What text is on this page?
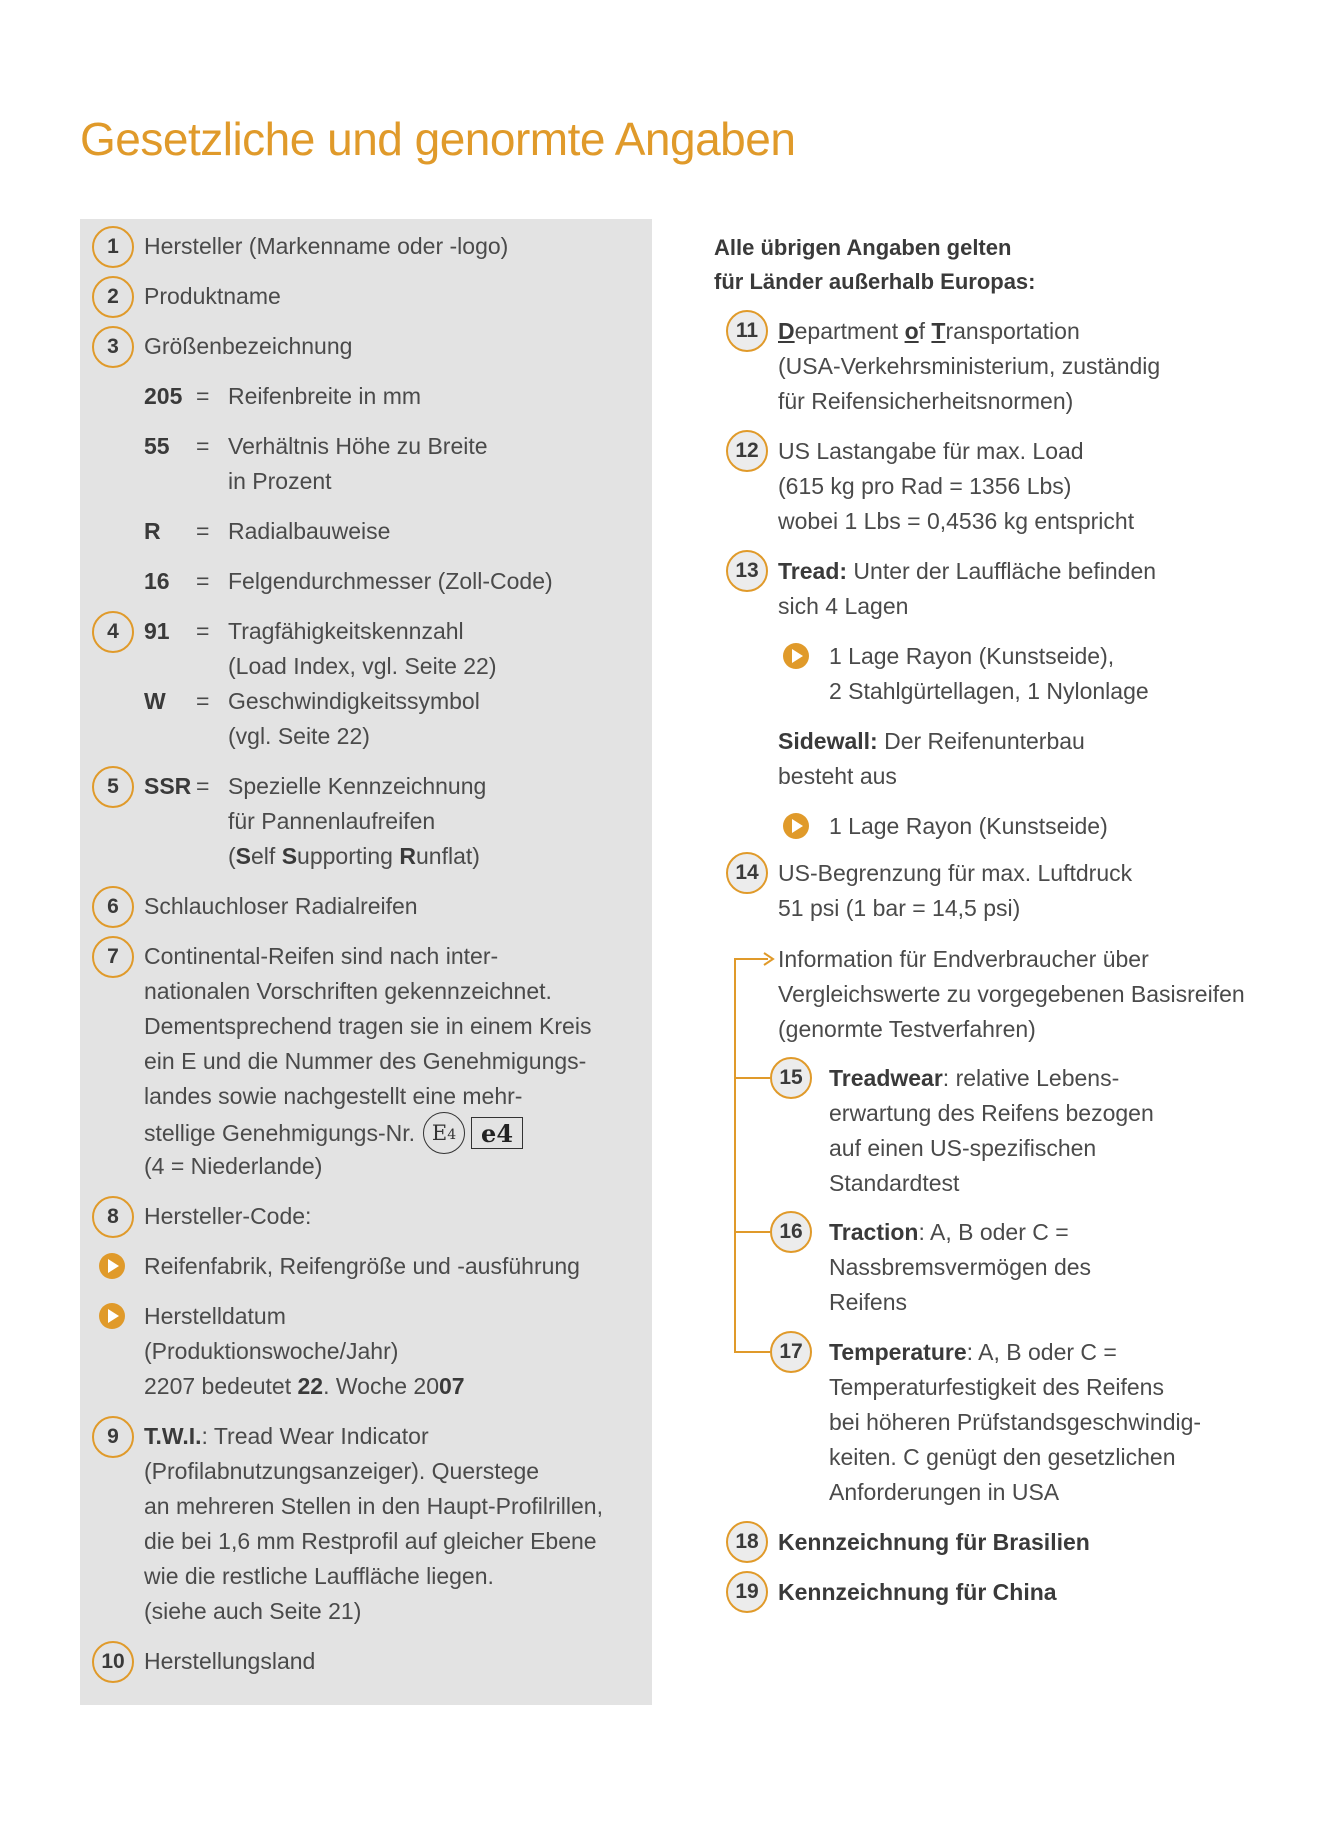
Gesetzliche und genormte Angaben
1	Hersteller (Markenname oder -logo)
2	Produktname
3	Größenbezeichnung
205 = Reifenbreite in mm
55 = Verhältnis Höhe zu Breite
in Prozent
R = Radialbauweise
16 = Felgendurchmesser (Zoll-Code)
4	91 = Tragfähigkeitskennzahl
(Load Index, vgl. Seite 22)
W = Geschwindigkeitssymbol
(vgl. Seite 22)
5	SSR = Spezielle Kennzeichnung
für Pannenlaufreifen
(Self Supporting Runflat)
6	Schlauchloser Radialreifen
7	Continental-Reifen sind nach inter-
nationalen Vorschriften gekennzeichnet.
Dementsprechend tragen sie in einem Kreis
ein E und die Nummer des Genehmigungs-
landes sowie nachgestellt eine mehr-
stellige Genehmigungs-Nr. $E_4$ e4
(4 = Niederlande)
8	Hersteller-Code:
Reifenfabrik, Reifengröße und -ausführung
Herstelldatum
(Produktionswoche/Jahr)
2207 bedeutet 22. Woche 2007
9	T.W.I.: Tread Wear Indicator
(Profilabnutzungsanzeiger). Querstege
an mehreren Stellen in den Haupt-Profilrillen,
die bei 1,6 mm Restprofil auf gleicher Ebene
wie die restliche Lauffläche liegen.
(siehe auch Seite 21)
10 Herstellungsland
Alle übrigen Angaben gelten
für Länder außerhalb Europas:
11 Department of Transportation
(USA-Verkehrsministerium, zuständig
für Reifensicherheitsnormen)
12 US Lastangabe für max. Load
(615 kg pro Rad = 1356 Lbs)
wobei 1 Lbs = 0,4536 kg entspricht
13 Tread: Unter der Lauffläche befinden
sich 4 Lagen
1 Lage Rayon (Kunstseide),
2 Stahlgürtellagen, 1 Nylonlage
Sidewall: Der Reifenunterbau
besteht aus
1 Lage Rayon (Kunstseide)
14 US-Begrenzung für max. Luftdruck
51 psi (1 bar = 14,5 psi)
Information für Endverbraucher über
Vergleichswerte zu vorgegebenen Basisreifen
(genormte Testverfahren)
15	Treadwear: relative Lebens-
erwartung des Reifens bezogen
auf einen US-spezifischen
Standardtest
16	Traction: A, B oder C =
Nassbremsvermögen des
Reifens
17	Temperature: A, B oder C =
Temperaturfestigkeit des Reifens
bei höheren Prüfstandsgeschwindig-
keiten. C genügt den gesetzlichen
Anforderungen in USA
18 Kennzeichnung für Brasilien
19 Kennzeichnung für China
